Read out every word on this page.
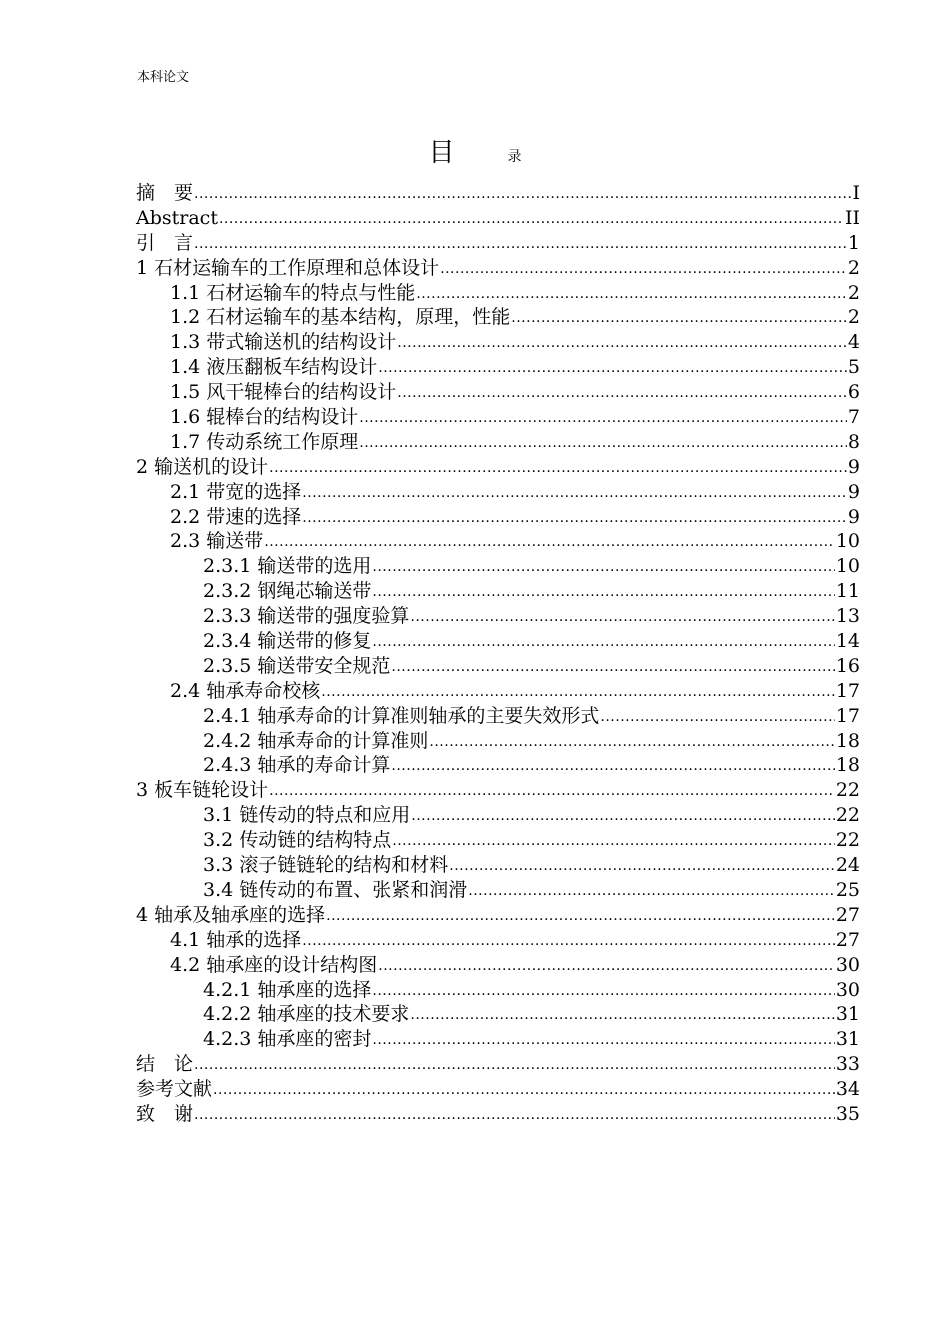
本科论文
目	录
摘　要 .....	I
Abstract .....	II
引　言 .....	1
1 石材运输车的工作原理和总体设计 .....	2
1.1 石材运输车的特点与性能 .....	2
1.2 石材运输车的基本结构，原理，性能 .....	2
1.3 带式输送机的结构设计 .....	4
1.4 液压翻板车结构设计 .....	5
1.5 风干辊棒台的结构设计 .....	6
1.6 辊棒台的结构设计 .....	7
1.7 传动系统工作原理 .....	8
2 输送机的设计 .....	9
2.1 带宽的选择 .....	9
2.2 带速的选择 .....	9
2.3 输送带 .....	10
2.3.1 输送带的选用 .....	10
2.3.2 钢绳芯输送带 .....	11
2.3.3 输送带的强度验算 .....	13
2.3.4 输送带的修复 .....	14
2.3.5 输送带安全规范 .....	16
2.4 轴承寿命校核 .....	17
2.4.1 轴承寿命的计算准则轴承的主要失效形式 .....	17
2.4.2 轴承寿命的计算准则 .....	18
2.4.3 轴承的寿命计算 .....	18
3 板车链轮设计 .....	22
3.1 链传动的特点和应用 .....	22
3.2 传动链的结构特点 .....	22
3.3 滚子链链轮的结构和材料 .....	24
3.4 链传动的布置、张紧和润滑 .....	25
4 轴承及轴承座的选择 .....	27
4.1 轴承的选择 .....	27
4.2 轴承座的设计结构图 .....	30
4.2.1 轴承座的选择 .....	30
4.2.2 轴承座的技术要求 .....	31
4.2.3 轴承座的密封 .....	31
结　论 .....	33
参考文献 .....	34
致　谢 .....	35
